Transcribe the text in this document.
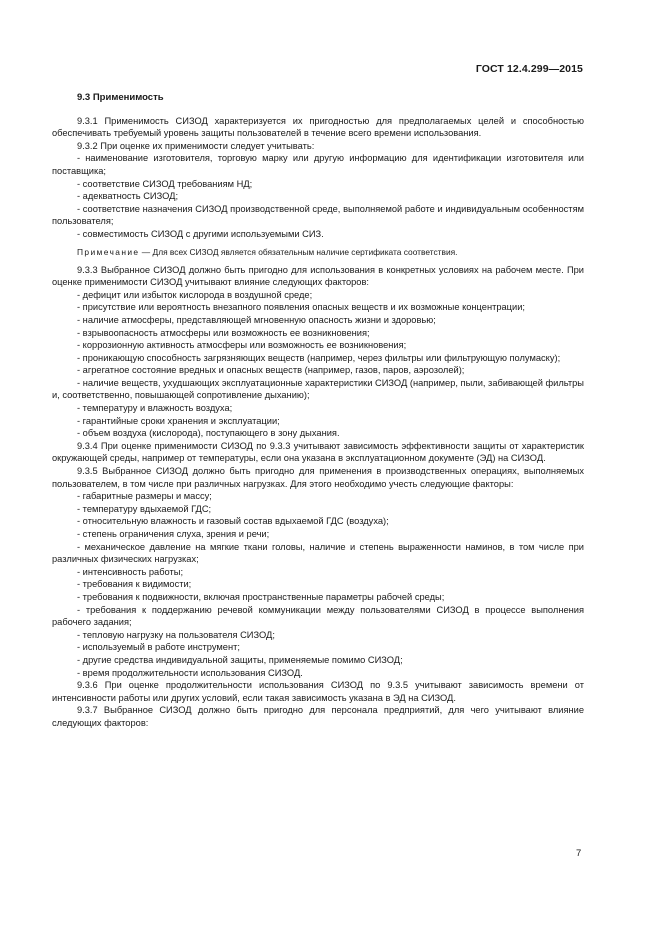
ГОСТ 12.4.299—2015
9.3 Применимость

9.3.1 Применимость СИЗОД характеризуется их пригодностью для предполагаемых целей и способностью обеспечивать требуемый уровень защиты пользователей в течение всего времени использования.

9.3.2 При оценке их применимости следует учитывать:

- наименование изготовителя, торговую марку или другую информацию для идентификации изготовителя или поставщика;

- соответствие СИЗОД требованиям НД;

- адекватность СИЗОД;

- соответствие назначения СИЗОД производственной среде, выполняемой работе и индивидуальным особенностям пользователя;

- совместимость СИЗОД с другими используемыми СИЗ.

Примечание — Для всех СИЗОД является обязательным наличие сертификата соответствия.

9.3.3 Выбранное СИЗОД должно быть пригодно для использования в конкретных условиях на рабочем месте. При оценке применимости СИЗОД учитывают влияние следующих факторов:

- дефицит или избыток кислорода в воздушной среде;

- присутствие или вероятность внезапного появления опасных веществ и их возможные концентрации;

- наличие атмосферы, представляющей мгновенную опасность жизни и здоровью;

- взрывоопасность атмосферы или возможность ее возникновения;

- коррозионную активность атмосферы или возможность ее возникновения;

- проникающую способность загрязняющих веществ (например, через фильтры или фильтрующую полумаску);

- агрегатное состояние вредных и опасных веществ (например, газов, паров, аэрозолей);

- наличие веществ, ухудшающих эксплуатационные характеристики СИЗОД (например, пыли, забивающей фильтры и, соответственно, повышающей сопротивление дыханию);

- температуру и влажность воздуха;

- гарантийные сроки хранения и эксплуатации;

- объем воздуха (кислорода), поступающего в зону дыхания.

9.3.4 При оценке применимости СИЗОД по 9.3.3 учитывают зависимость эффективности защиты от характеристик окружающей среды, например от температуры, если она указана в эксплуатационном документе (ЭД) на СИЗОД.

9.3.5 Выбранное СИЗОД должно быть пригодно для применения в производственных операциях, выполняемых пользователем, в том числе при различных нагрузках. Для этого необходимо учесть следующие факторы:

- габаритные размеры и массу;

- температуру вдыхаемой ГДС;

- относительную влажность и газовый состав вдыхаемой ГДС (воздуха);

- степень ограничения слуха, зрения и речи;

- механическое давление на мягкие ткани головы, наличие и степень выраженности наминов, в том числе при различных физических нагрузках;

- интенсивность работы;

- требования к видимости;

- требования к подвижности, включая пространственные параметры рабочей среды;

- требования к поддержанию речевой коммуникации между пользователями СИЗОД в процессе выполнения рабочего задания;

- тепловую нагрузку на пользователя СИЗОД;

- используемый в работе инструмент;

- другие средства индивидуальной защиты, применяемые помимо СИЗОД;

- время продолжительности использования СИЗОД.

9.3.6 При оценке продолжительности использования СИЗОД по 9.3.5 учитывают зависимость времени от интенсивности работы или других условий, если такая зависимость указана в ЭД на СИЗОД.

9.3.7 Выбранное СИЗОД должно быть пригодно для персонала предприятий, для чего учитывают влияние следующих факторов:

7
